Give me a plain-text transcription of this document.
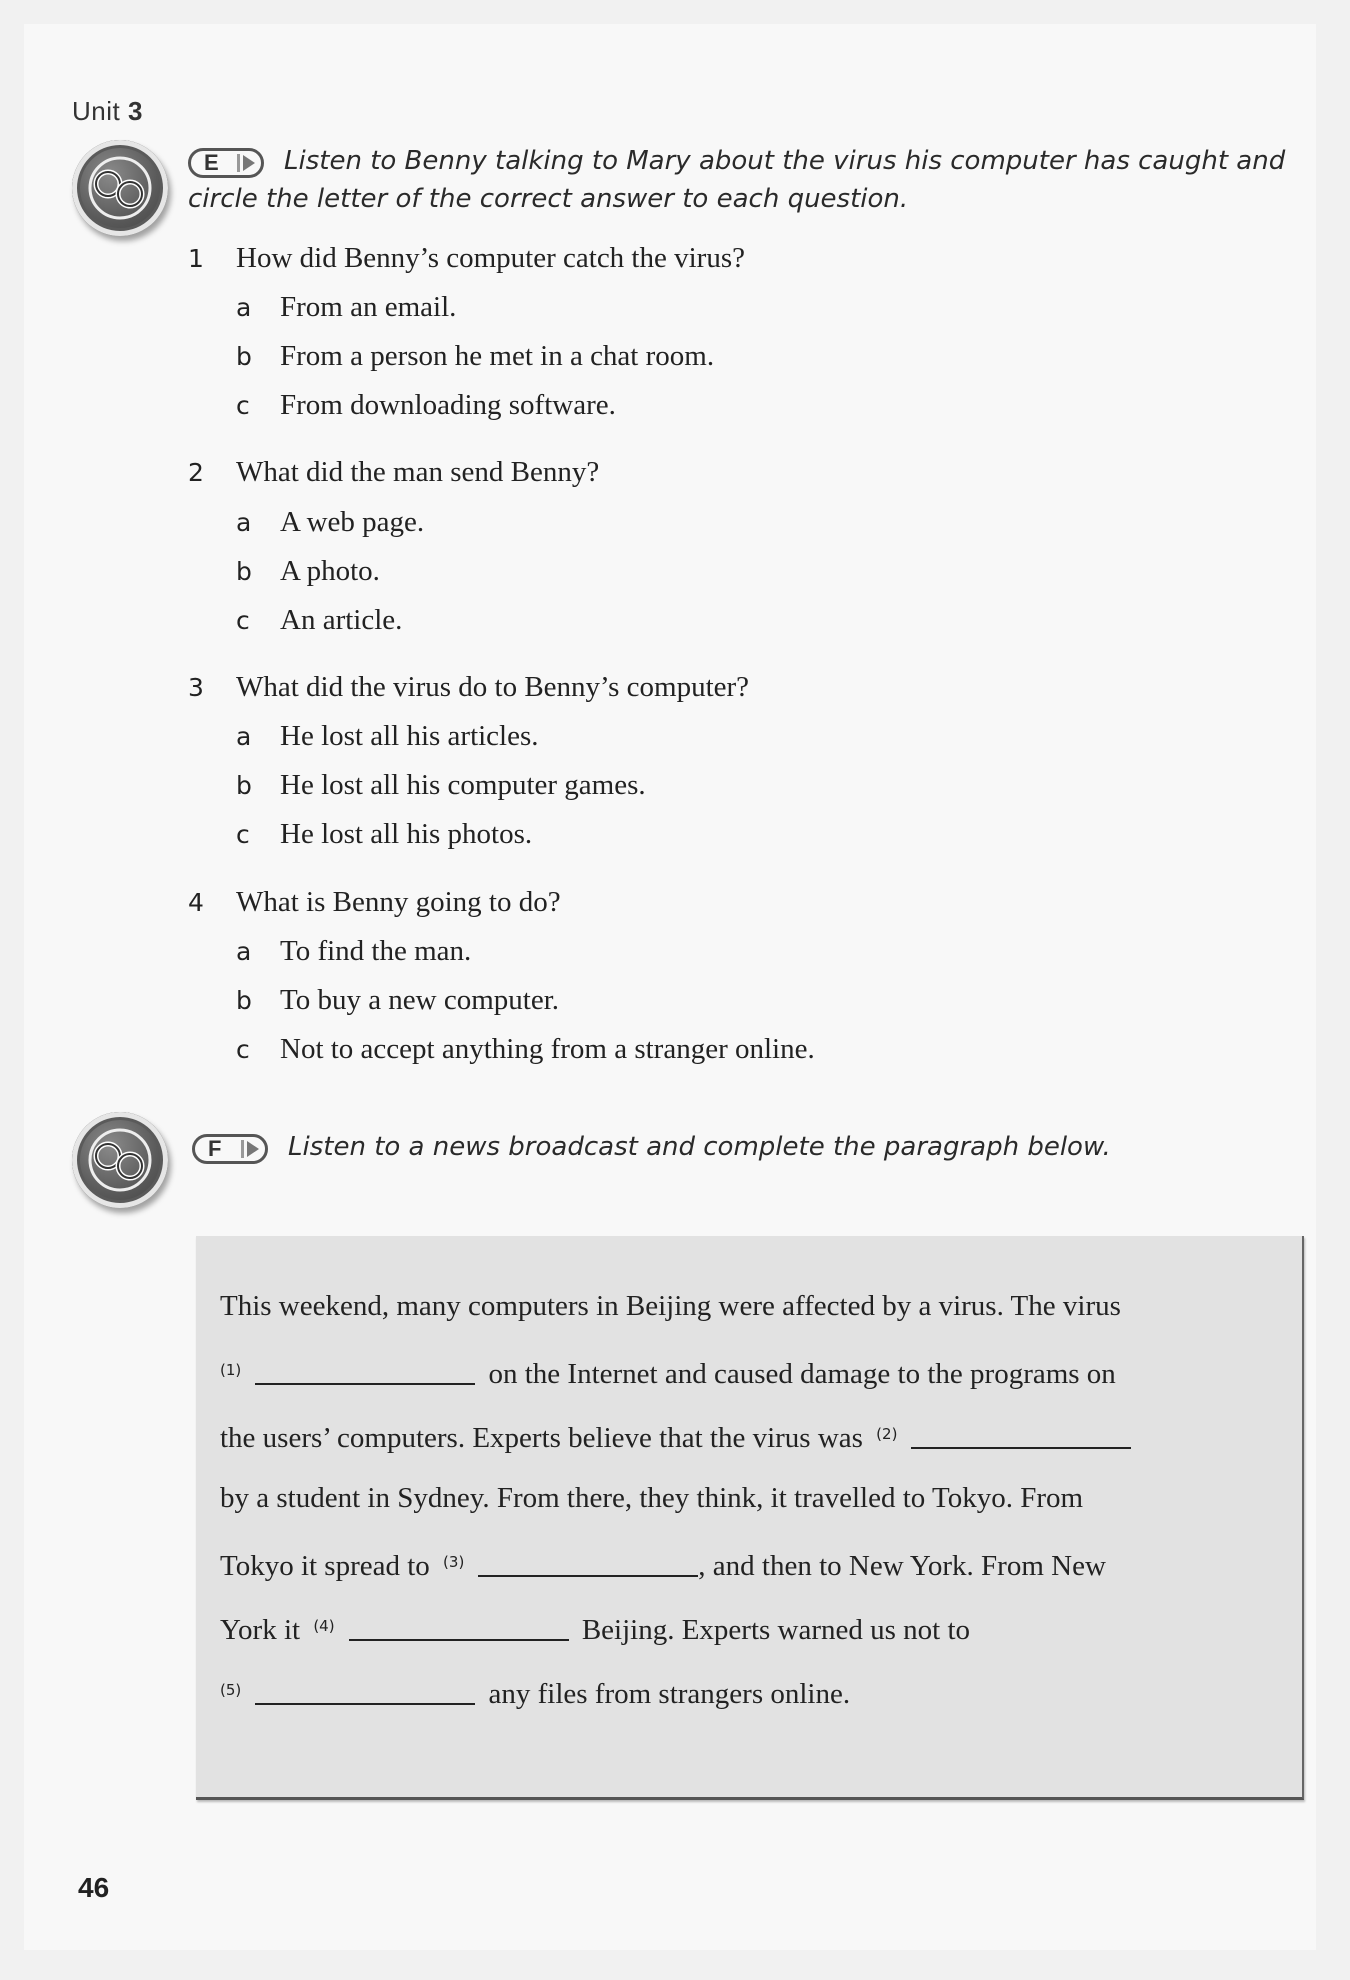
Unit 3
E	Listen to Benny talking to Mary about the virus his computer has caught and
circle the letter of the correct answer to each question.
1 How did Benny’s computer catch the virus?
a From an email.
b From a person he met in a chat room.
c From downloading software.
2 What did the man send Benny?
a A web page.
b A photo.
c An article.
3 What did the virus do to Benny’s computer?
a He lost all his articles.
b He lost all his computer games.
c He lost all his photos.
4 What is Benny going to do?
a To find the man.
b To buy a new computer.
c Not to accept anything from a stranger online.
F	Listen to a news broadcast and complete the paragraph below.
This weekend, many computers in Beijing were affected by a virus. The virus
$^{(1)}$	on the Internet and caused damage to the programs on
the users’ computers. Experts believe that the virus was $^{(2)}$
by a student in Sydney. From there, they think, it travelled to Tokyo. From
Tokyo it spread to $^{(3)}$	, and then to New York. From New
York it $^{(4)}$	Beijing. Experts warned us not to
$^{(5)}$	any files from strangers online.
46
